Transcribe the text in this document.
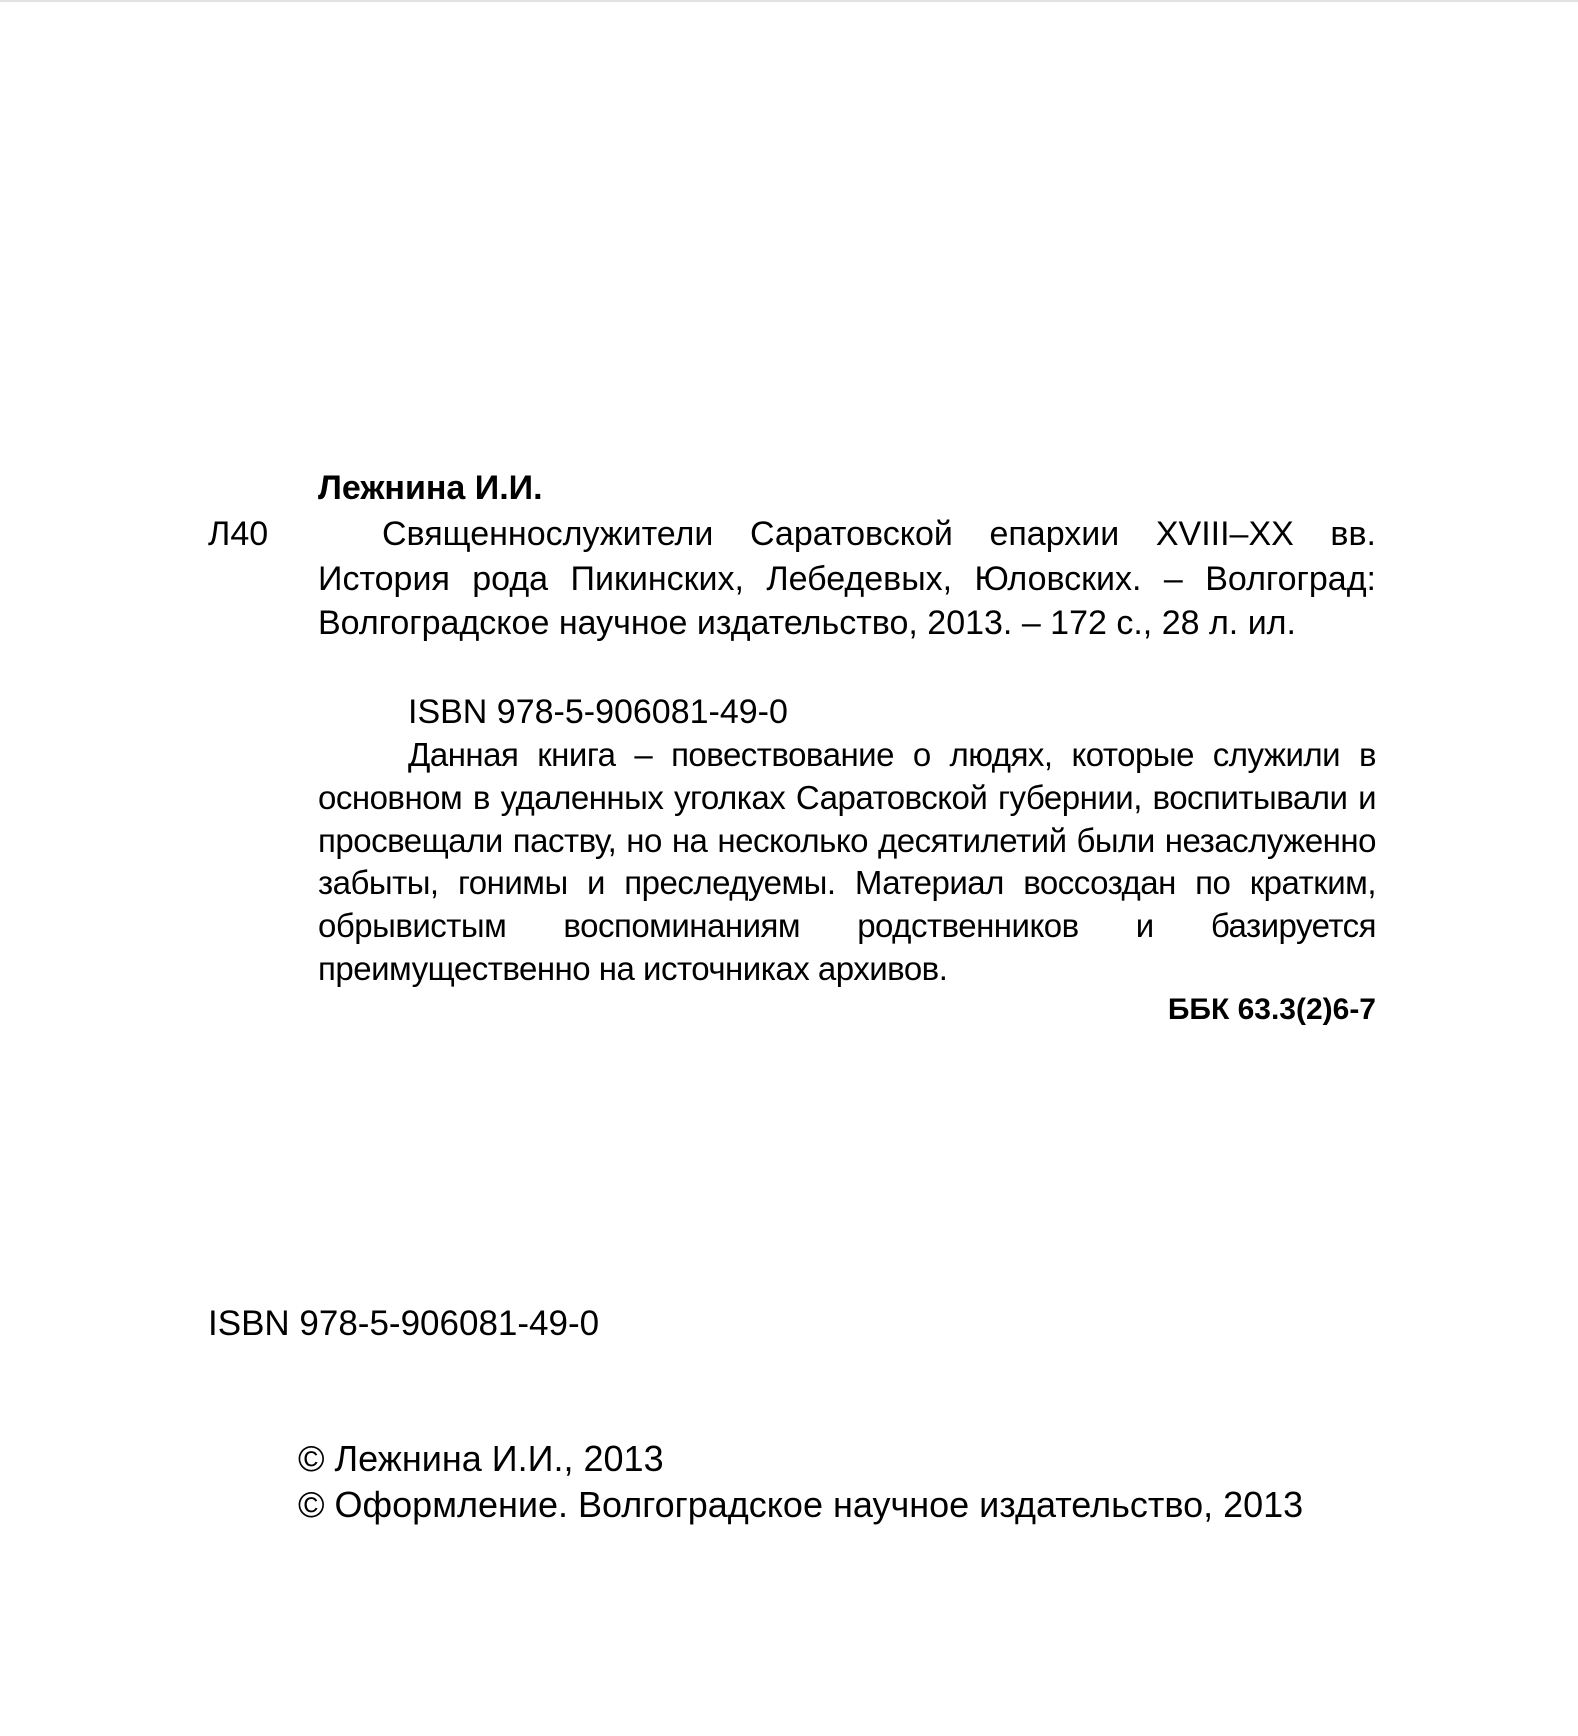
Лежнина И.И.
Л40	Священнослужители Саратовской епархии XVIII–XX вв. История рода Пикинских, Лебедевых, Юловских. – Волгоград: Волгоградское научное издательство, 2013. – 172 с., 28 л. ил.
ISBN 978-5-906081-49-0
Данная книга – повествование о людях, которые служили в основном в удаленных уголках Саратовской губернии, воспитывали и просвещали паству, но на несколько десятилетий были незаслуженно забыты, гонимы и преследуемы. Материал воссоздан по кратким, обрывистым воспоминаниям родственников и базируется преимущественно на источниках архивов.
ББК 63.3(2)6-7
ISBN 978-5-906081-49-0
© Лежнина И.И., 2013
© Оформление. Волгоградское научное издательство, 2013
